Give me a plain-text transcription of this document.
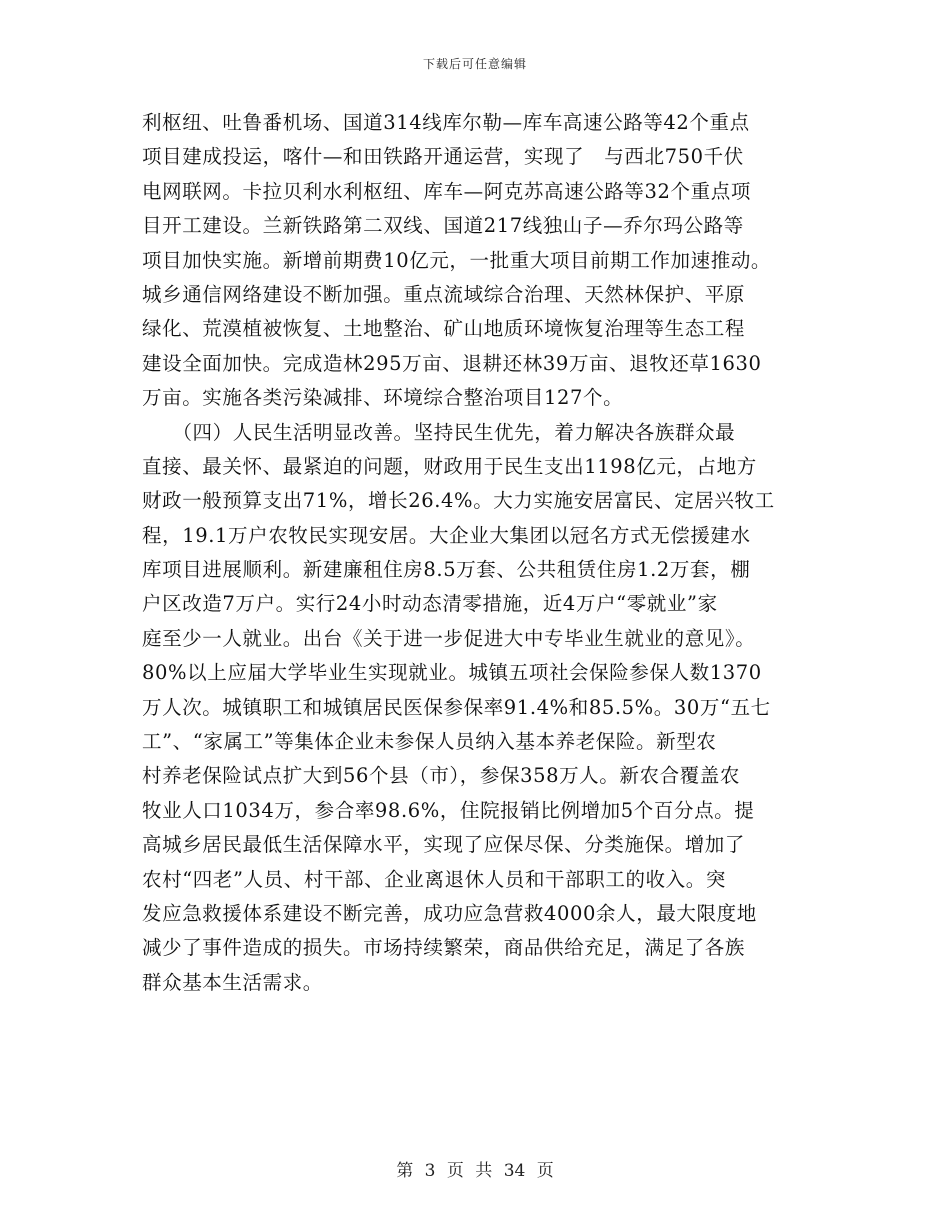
下载后可任意编辑
利枢纽、吐鲁番机场、国道314线库尔勒—库车高速公路等42个重点
项目建成投运，喀什—和田铁路开通运营，实现了　与西北750千伏
电网联网。卡拉贝利水利枢纽、库车—阿克苏高速公路等32个重点项
目开工建设。兰新铁路第二双线、国道217线独山子—乔尔玛公路等
项目加快实施。新增前期费10亿元，一批重大项目前期工作加速推动。
城乡通信网络建设不断加强。重点流域综合治理、天然林保护、平原
绿化、荒漠植被恢复、土地整治、矿山地质环境恢复治理等生态工程
建设全面加快。完成造林295万亩、退耕还林39万亩、退牧还草1630
万亩。实施各类污染减排、环境综合整治项目127个。
　　（四）人民生活明显改善。坚持民生优先，着力解决各族群众最
直接、最关怀、最紧迫的问题，财政用于民生支出1198亿元，占地方
财政一般预算支出71%，增长26.4%。大力实施安居富民、定居兴牧工
程，19.1万户农牧民实现安居。大企业大集团以冠名方式无偿援建水
库项目进展顺利。新建廉租住房8.5万套、公共租赁住房1.2万套，棚
户区改造7万户。实行24小时动态清零措施，近4万户“零就业”家
庭至少一人就业。出台《关于进一步促进大中专毕业生就业的意见》。
80%以上应届大学毕业生实现就业。城镇五项社会保险参保人数1370
万人次。城镇职工和城镇居民医保参保率91.4%和85.5%。30万“五七
工”、“家属工”等集体企业未参保人员纳入基本养老保险。新型农
村养老保险试点扩大到56个县（市），参保358万人。新农合覆盖农
牧业人口1034万，参合率98.6%，住院报销比例增加5个百分点。提
高城乡居民最低生活保障水平，实现了应保尽保、分类施保。增加了
农村“四老”人员、村干部、企业离退休人员和干部职工的收入。突
发应急救援体系建设不断完善，成功应急营救4000余人，最大限度地
减少了事件造成的损失。市场持续繁荣，商品供给充足，满足了各族
群众基本生活需求。
第 3 页 共 34 页
